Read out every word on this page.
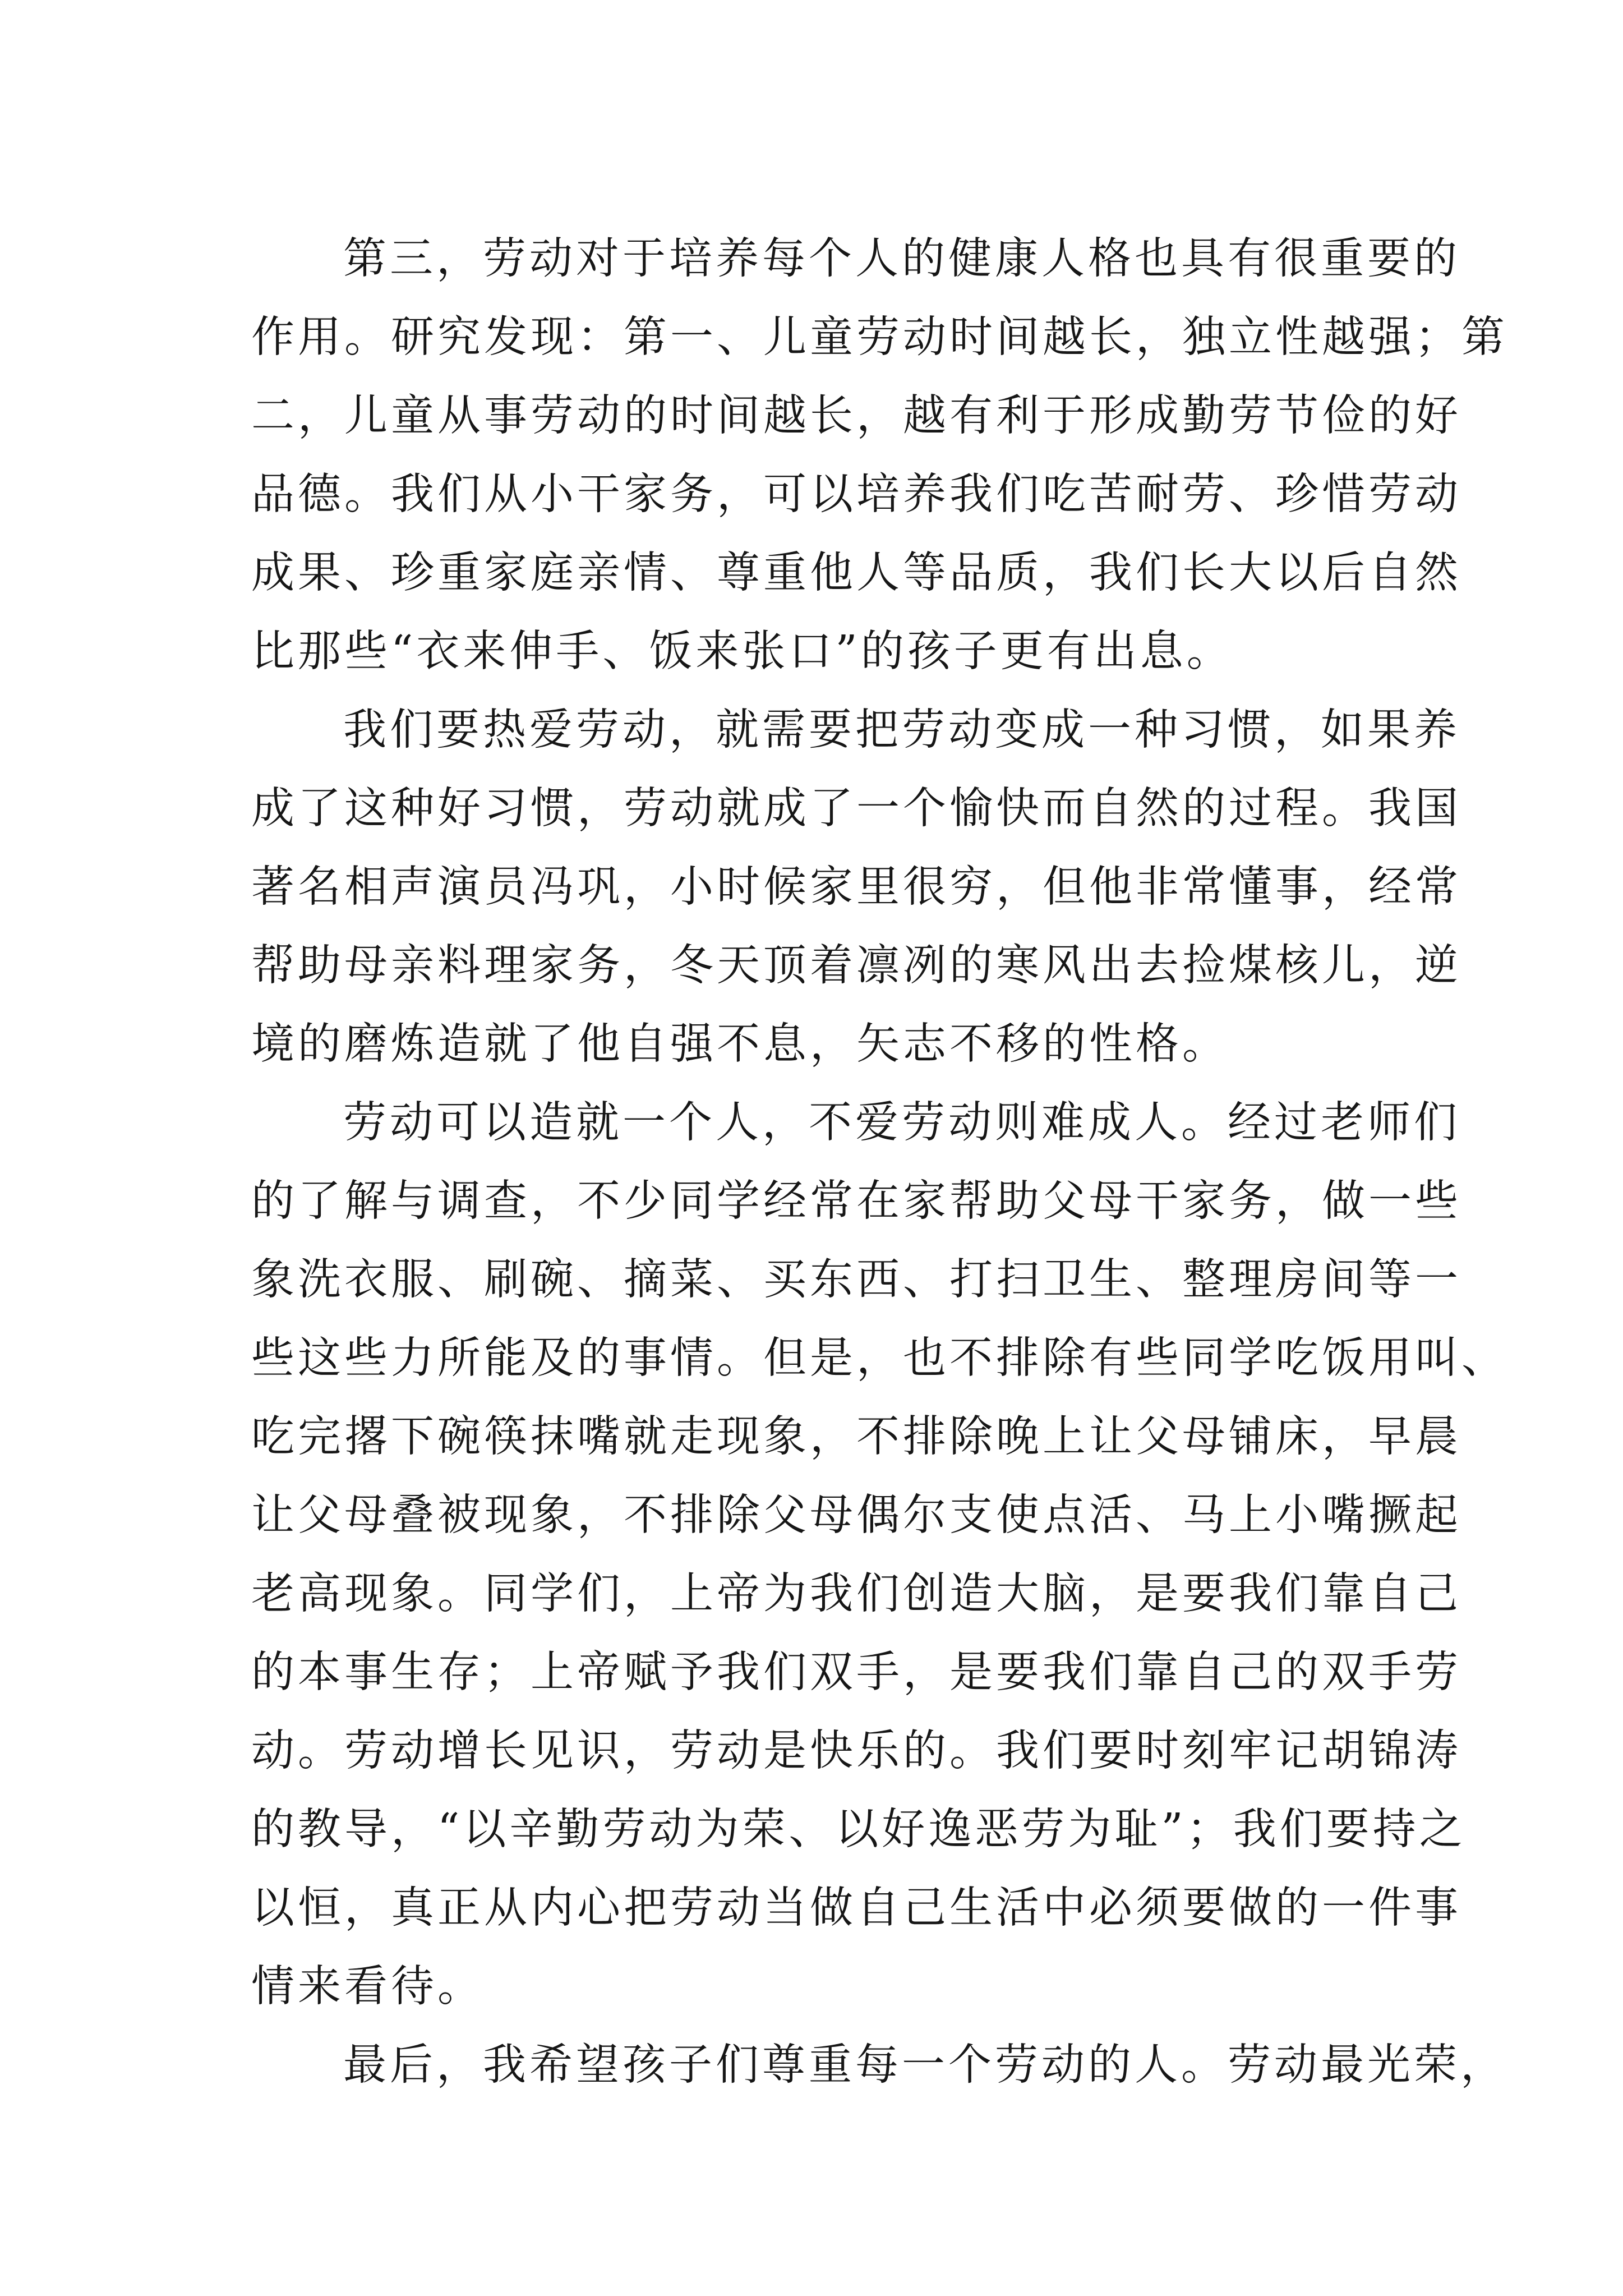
第三，劳动对于培养每个人的健康人格也具有很重要的
作用。研究发现：第一、儿童劳动时间越长，独立性越强；第
二，儿童从事劳动的时间越长，越有利于形成勤劳节俭的好
品德。我们从小干家务，可以培养我们吃苦耐劳、珍惜劳动
成果、珍重家庭亲情、尊重他人等品质，我们长大以后自然
比那些“衣来伸手、饭来张口”的孩子更有出息。

我们要热爱劳动，就需要把劳动变成一种习惯，如果养
成了这种好习惯，劳动就成了一个愉快而自然的过程。我国
著名相声演员冯巩，小时候家里很穷，但他非常懂事，经常
帮助母亲料理家务，冬天顶着凛冽的寒风出去捡煤核儿，逆
境的磨炼造就了他自强不息，矢志不移的性格。

劳动可以造就一个人，不爱劳动则难成人。经过老师们
的了解与调查，不少同学经常在家帮助父母干家务，做一些
象洗衣服、刷碗、摘菜、买东西、打扫卫生、整理房间等一
些这些力所能及的事情。但是，也不排除有些同学吃饭用叫、
吃完撂下碗筷抹嘴就走现象，不排除晚上让父母铺床，早晨
让父母叠被现象，不排除父母偶尔支使点活、马上小嘴撅起
老高现象。同学们，上帝为我们创造大脑，是要我们靠自己
的本事生存；上帝赋予我们双手，是要我们靠自己的双手劳
动。劳动增长见识，劳动是快乐的。我们要时刻牢记胡锦涛
的教导，“以辛勤劳动为荣、以好逸恶劳为耻”；我们要持之
以恒，真正从内心把劳动当做自己生活中必须要做的一件事
情来看待。

最后，我希望孩子们尊重每一个劳动的人。劳动最光荣，
